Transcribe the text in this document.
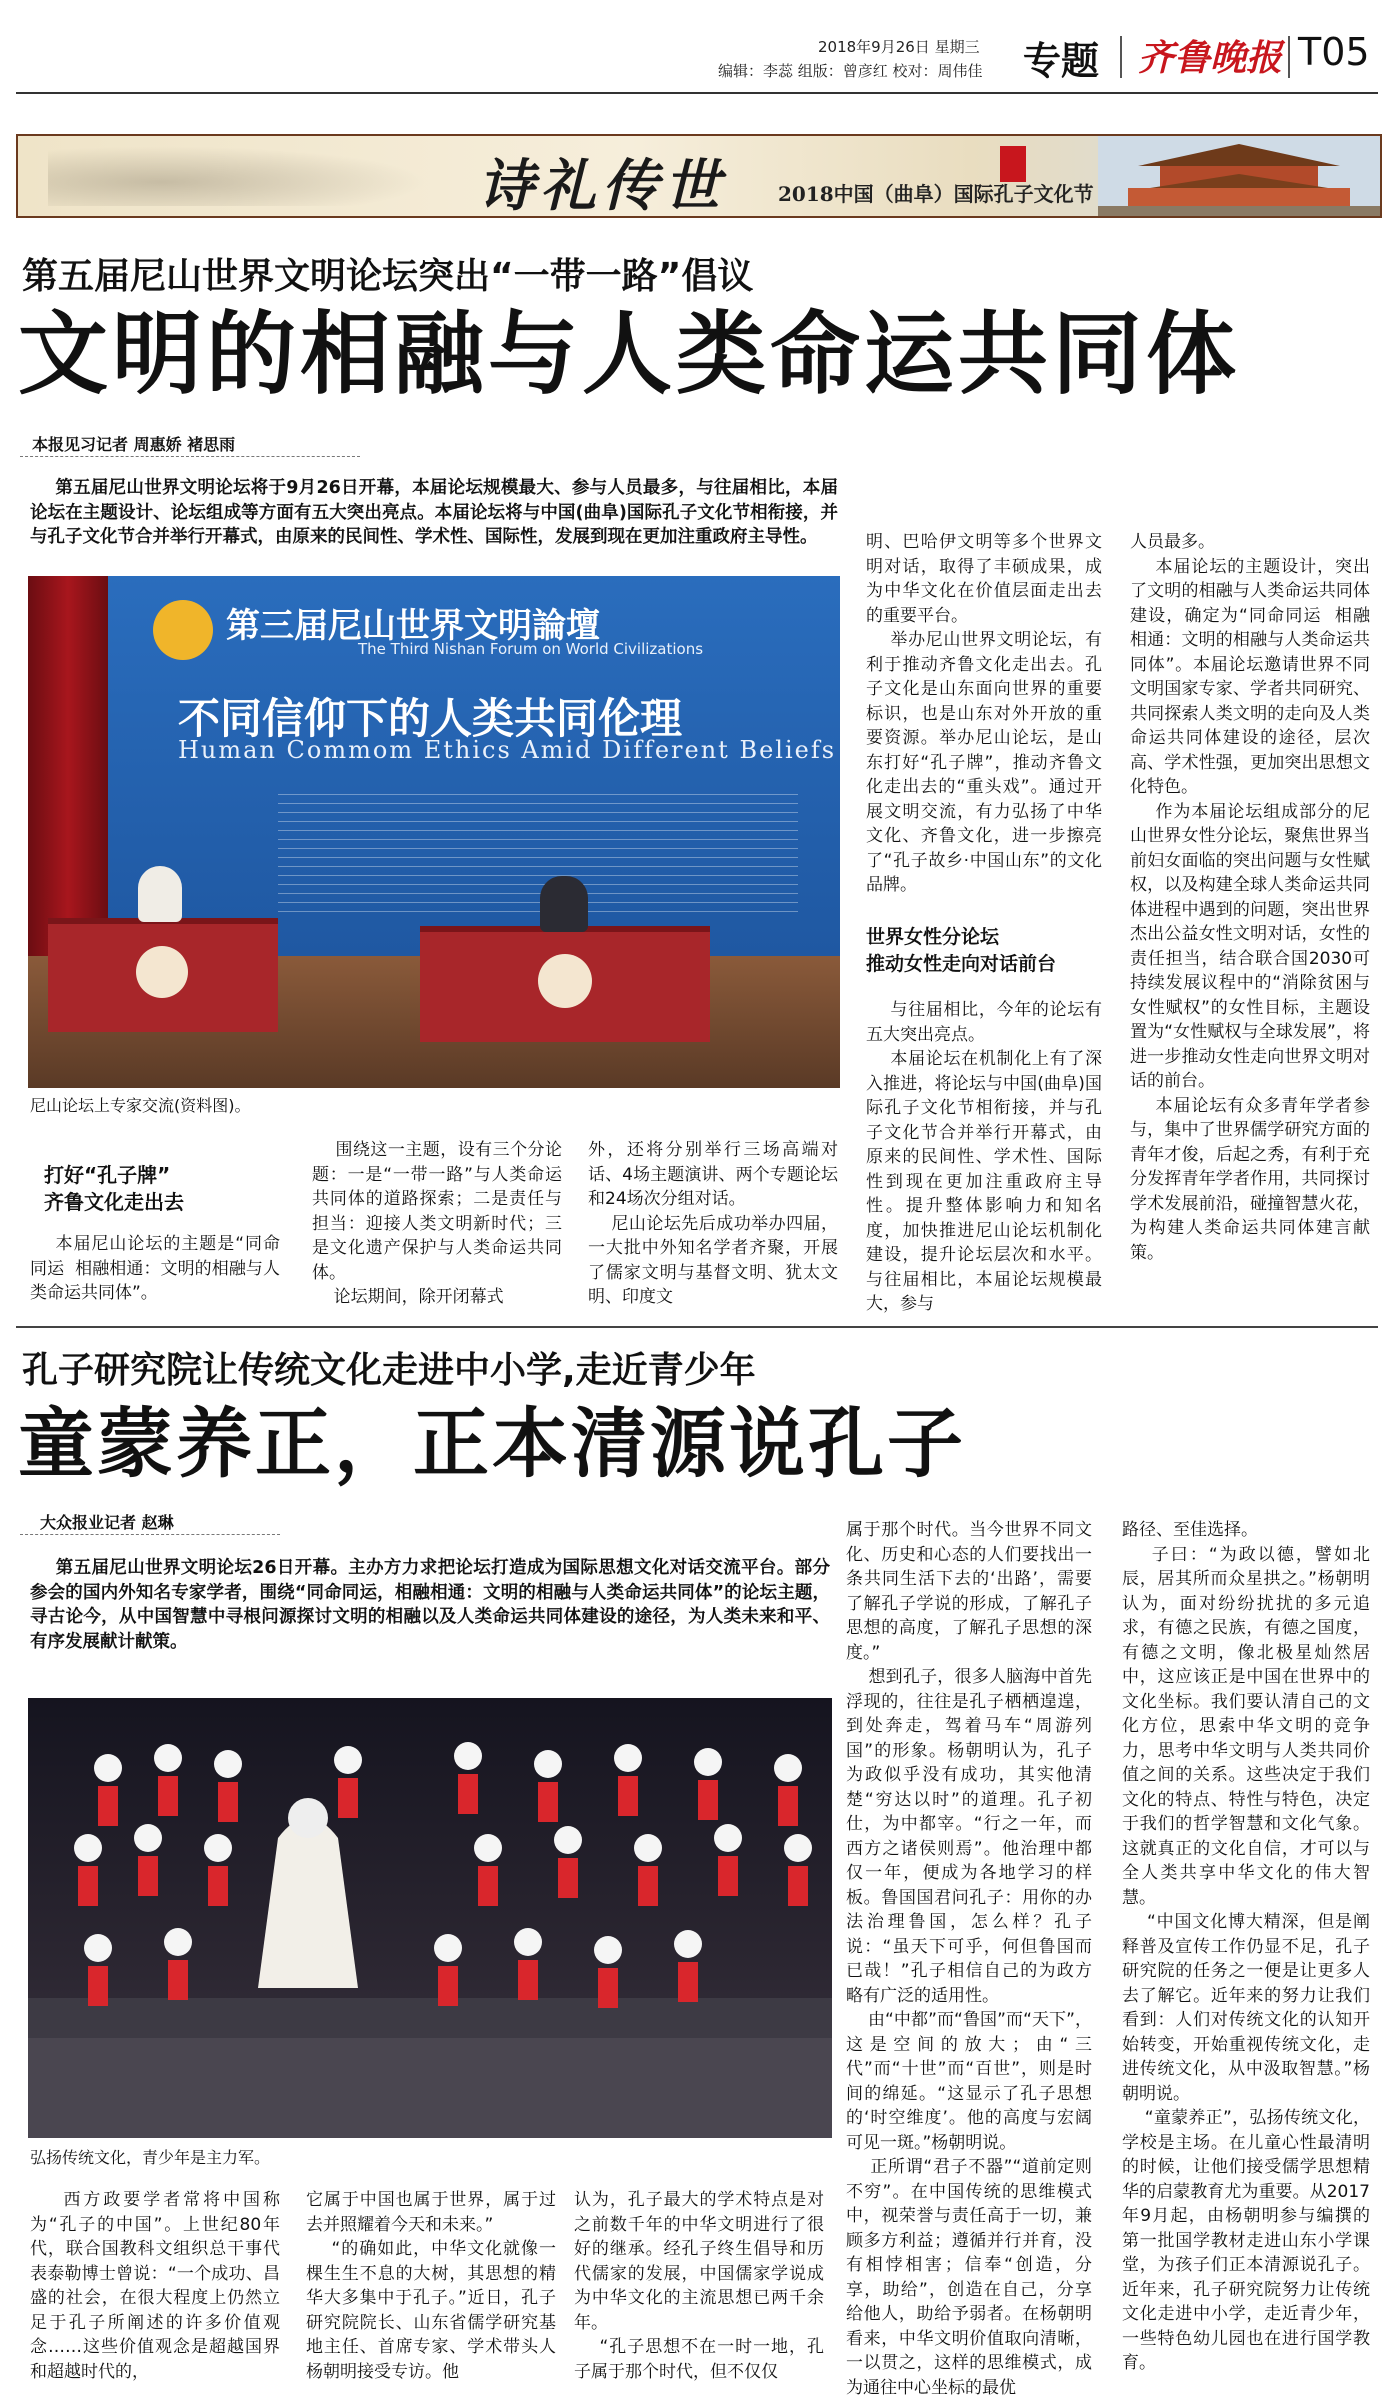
2018年9月26日 星期三
编辑：李蕊 组版：曾彦红 校对：周伟佳 专题 齐鲁晚报 T05
诗礼传世	2018中国（曲阜）国际孔子文化节
第五届尼山世界文明论坛突出“一带一路”倡议
文明的相融与人类命运共同体
本报见习记者 周惠娇 褚思雨
第五届尼山世界文明论坛将于9月26日开幕，本届论坛规模最大、参与人员最多，与往届相比，本届论坛在主题设计、论坛组成等方面有五大突出亮点。本届论坛将与中国(曲阜)国际孔子文化节相衔接，并与孔子文化节合并举行开幕式，由原来的民间性、学术性、国际性，发展到现在更加注重政府主导性。
第三届尼山世界文明論壇
The Third Nishan Forum on World Civilizations
不同信仰下的人类共同伦理
Human Commom Ethics Amid Different Beliefs
尼山论坛上专家交流(资料图)。
打好“孔子牌”
齐鲁文化走出去
本届尼山论坛的主题是“同命同运  相融相通：文明的相融与人类命运共同体”。
围绕这一主题，设有三个分论题：一是“一带一路”与人类命运共同体的道路探索；二是责任与担当：迎接人类文明新时代；三是文化遗产保护与人类命运共同体。
论坛期间，除开闭幕式
外，还将分别举行三场高端对话、4场主题演讲、两个专题论坛和24场次分组对话。
尼山论坛先后成功举办四届，一大批中外知名学者齐聚，开展了儒家文明与基督文明、犹太文明、印度文
明、巴哈伊文明等多个世界文明对话，取得了丰硕成果，成为中华文化在价值层面走出去的重要平台。
举办尼山世界文明论坛，有利于推动齐鲁文化走出去。孔子文化是山东面向世界的重要标识，也是山东对外开放的重要资源。举办尼山论坛，是山东打好“孔子牌”，推动齐鲁文化走出去的“重头戏”。通过开展文明交流，有力弘扬了中华文化、齐鲁文化，进一步擦亮了“孔子故乡·中国山东”的文化品牌。
世界女性分论坛
推动女性走向对话前台
与往届相比，今年的论坛有五大突出亮点。
本届论坛在机制化上有了深入推进，将论坛与中国(曲阜)国际孔子文化节相衔接，并与孔子文化节合并举行开幕式，由原来的民间性、学术性、国际性到现在更加注重政府主导性。提升整体影响力和知名度，加快推进尼山论坛机制化建设，提升论坛层次和水平。与往届相比，本届论坛规模最大，参与
人员最多。
本届论坛的主题设计，突出了文明的相融与人类命运共同体建设，确定为“同命同运  相融相通：文明的相融与人类命运共同体”。本届论坛邀请世界不同文明国家专家、学者共同研究、共同探索人类文明的走向及人类命运共同体建设的途径，层次高、学术性强，更加突出思想文化特色。
作为本届论坛组成部分的尼山世界女性分论坛，聚焦世界当前妇女面临的突出问题与女性赋权，以及构建全球人类命运共同体进程中遇到的问题，突出世界杰出公益女性文明对话，女性的责任担当，结合联合国2030可持续发展议程中的“消除贫困与女性赋权”的女性目标，主题设置为“女性赋权与全球发展”，将进一步推动女性走向世界文明对话的前台。
本届论坛有众多青年学者参与，集中了世界儒学研究方面的青年才俊，后起之秀，有利于充分发挥青年学者作用，共同探讨学术发展前沿，碰撞智慧火花，为构建人类命运共同体建言献策。
孔子研究院让传统文化走进中小学,走近青少年
童蒙养正，正本清源说孔子
大众报业记者 赵琳
第五届尼山世界文明论坛26日开幕。主办方力求把论坛打造成为国际思想文化对话交流平台。部分参会的国内外知名专家学者，围绕“同命同运，相融相通：文明的相融与人类命运共同体”的论坛主题，寻古论今，从中国智慧中寻根问源探讨文明的相融以及人类命运共同体建设的途径，为人类未来和平、有序发展献计献策。
弘扬传统文化，青少年是主力军。
西方政要学者常将中国称为“孔子的中国”。上世纪80年代，联合国教科文组织总干事代表泰勒博士曾说：“一个成功、昌盛的社会，在很大程度上仍然立足于孔子所阐述的许多价值观念……这些价值观念是超越国界和超越时代的，
它属于中国也属于世界，属于过去并照耀着今天和未来。”
“的确如此，中华文化就像一棵生生不息的大树，其思想的精华大多集中于孔子。”近日，孔子研究院院长、山东省儒学研究基地主任、首席专家、学术带头人杨朝明接受专访。他
认为，孔子最大的学术特点是对之前数千年的中华文明进行了很好的继承。经孔子终生倡导和历代儒家的发展，中国儒家学说成为中华文化的主流思想已两千余年。
“孔子思想不在一时一地，孔子属于那个时代，但不仅仅
属于那个时代。当今世界不同文化、历史和心态的人们要找出一条共同生活下去的‘出路’，需要了解孔子学说的形成，了解孔子思想的高度，了解孔子思想的深度。”
想到孔子，很多人脑海中首先浮现的，往往是孔子栖栖遑遑，到处奔走，驾着马车“周游列国”的形象。杨朝明认为，孔子为政似乎没有成功，其实他清楚“穷达以时”的道理。孔子初仕，为中都宰。“行之一年，而西方之诸侯则焉”。他治理中都仅一年，便成为各地学习的样板。鲁国国君问孔子：用你的办法治理鲁国，怎么样？孔子说：“虽天下可乎，何但鲁国而已哉！”孔子相信自己的为政方略有广泛的适用性。
由“中都”而“鲁国”而“天下”，这是空间的放大；由“三代”而“十世”而“百世”，则是时间的绵延。“这显示了孔子思想的‘时空维度’。他的高度与宏阔可见一斑。”杨朝明说。
正所谓“君子不器”“道前定则不穷”。在中国传统的思维模式中，视荣誉与责任高于一切，兼顾多方利益；遵循并行并育，没有相悖相害；信奉“创造，分享，助给”，创造在自己，分享给他人，助给予弱者。在杨朝明看来，中华文明价值取向清晰，一以贯之，这样的思维模式，成为通往中心坐标的最优
路径、至佳选择。
子曰：“为政以德，譬如北辰，居其所而众星拱之。”杨朝明认为，面对纷纷扰扰的多元追求，有德之民族，有德之国度，有德之文明，像北极星灿然居中，这应该正是中国在世界中的文化坐标。我们要认清自己的文化方位，思索中华文明的竞争力，思考中华文明与人类共同价值之间的关系。这些决定于我们文化的特点、特性与特色，决定于我们的哲学智慧和文化气象。这就真正的文化自信，才可以与全人类共享中华文化的伟大智慧。
“中国文化博大精深，但是阐释普及宣传工作仍显不足，孔子研究院的任务之一便是让更多人去了解它。近年来的努力让我们看到：人们对传统文化的认知开始转变，开始重视传统文化，走进传统文化，从中汲取智慧。”杨朝明说。
“童蒙养正”，弘扬传统文化，学校是主场。在儿童心性最清明的时候，让他们接受儒学思想精华的启蒙教育尤为重要。从2017年9月起，由杨朝明参与编撰的第一批国学教材走进山东小学课堂，为孩子们正本清源说孔子。近年来，孔子研究院努力让传统文化走进中小学，走近青少年，一些特色幼儿园也在进行国学教育。
